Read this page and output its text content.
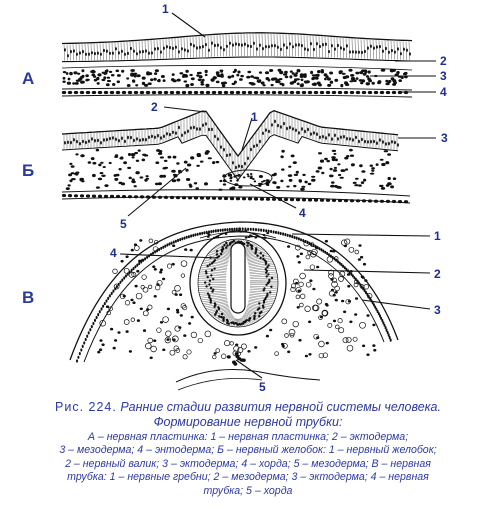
А
1
2
3
4
Б
2
1
3
4
5
В
4
1
2
3
5
Рис. 224. Ранние стадии развития нервной системы человека.
Формирование нервной трубки:
А – нервная пластинка: 1 – нервная пластинка; 2 – эктодерма;
3 – мезодерма; 4 – энтодерма; Б – нервный желобок: 1 – нервный желобок;
2 – нервный валик; 3 – эктодерма; 4 – хорда; 5 – мезодерма; В – нервная
трубка: 1 – нервные гребни; 2 – мезодерма; 3 – эктодерма; 4 – нервная
трубка; 5 – хорда
